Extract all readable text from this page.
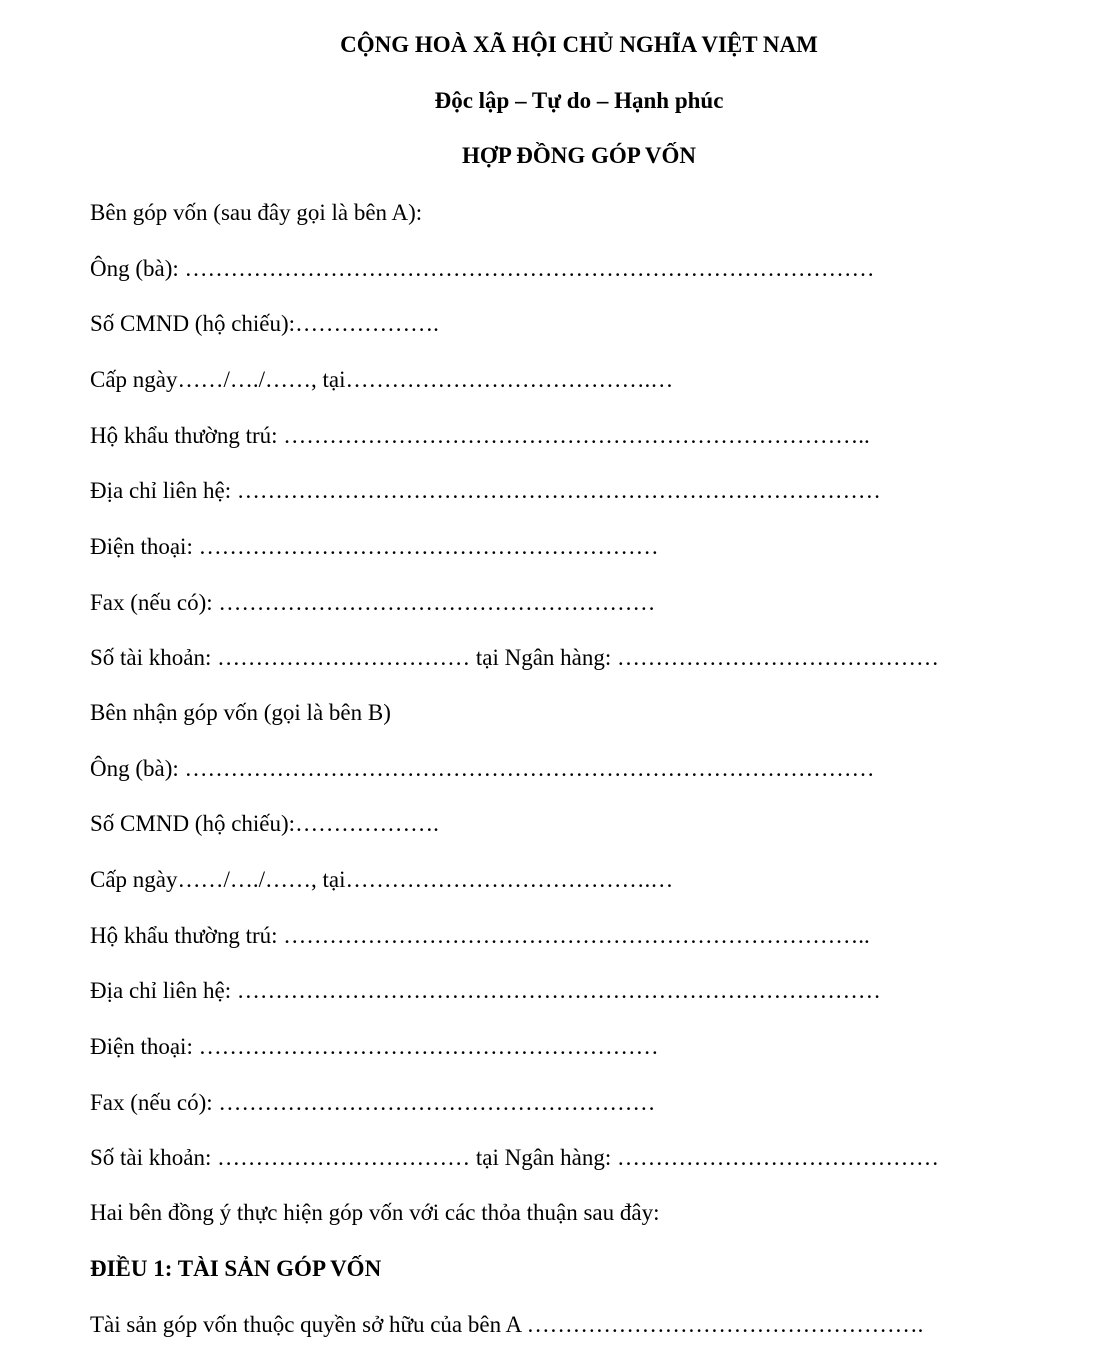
CỘNG HOÀ XÃ HỘI CHỦ NGHĨA VIỆT NAM
Độc lập – Tự do – Hạnh phúc
HỢP ĐỒNG GÓP VỐN
Bên góp vốn (sau đây gọi là bên A):
Ông (bà): ………………………………………………………………………………
Số CMND (hộ chiếu):……………….
Cấp ngày……/…./……, tại………………………………….…
Hộ khẩu thường trú: …………………………………………………………………..
Địa chỉ liên hệ: …………………………………………………………………………
Điện thoại: ……………………………………………………
Fax (nếu có): …………………………………………………
Số tài khoản: …………………………… tại Ngân hàng: ……………………………………
Bên nhận góp vốn (gọi là bên B)
Ông (bà): ………………………………………………………………………………
Số CMND (hộ chiếu):……………….
Cấp ngày……/…./……, tại………………………………….…
Hộ khẩu thường trú: …………………………………………………………………..
Địa chỉ liên hệ: …………………………………………………………………………
Điện thoại: ……………………………………………………
Fax (nếu có): …………………………………………………
Số tài khoản: …………………………… tại Ngân hàng: ……………………………………
Hai bên đồng ý thực hiện góp vốn với các thỏa thuận sau đây:
ĐIỀU 1: TÀI SẢN GÓP VỐN
Tài sản góp vốn thuộc quyền sở hữu của bên A …………………………………………….
